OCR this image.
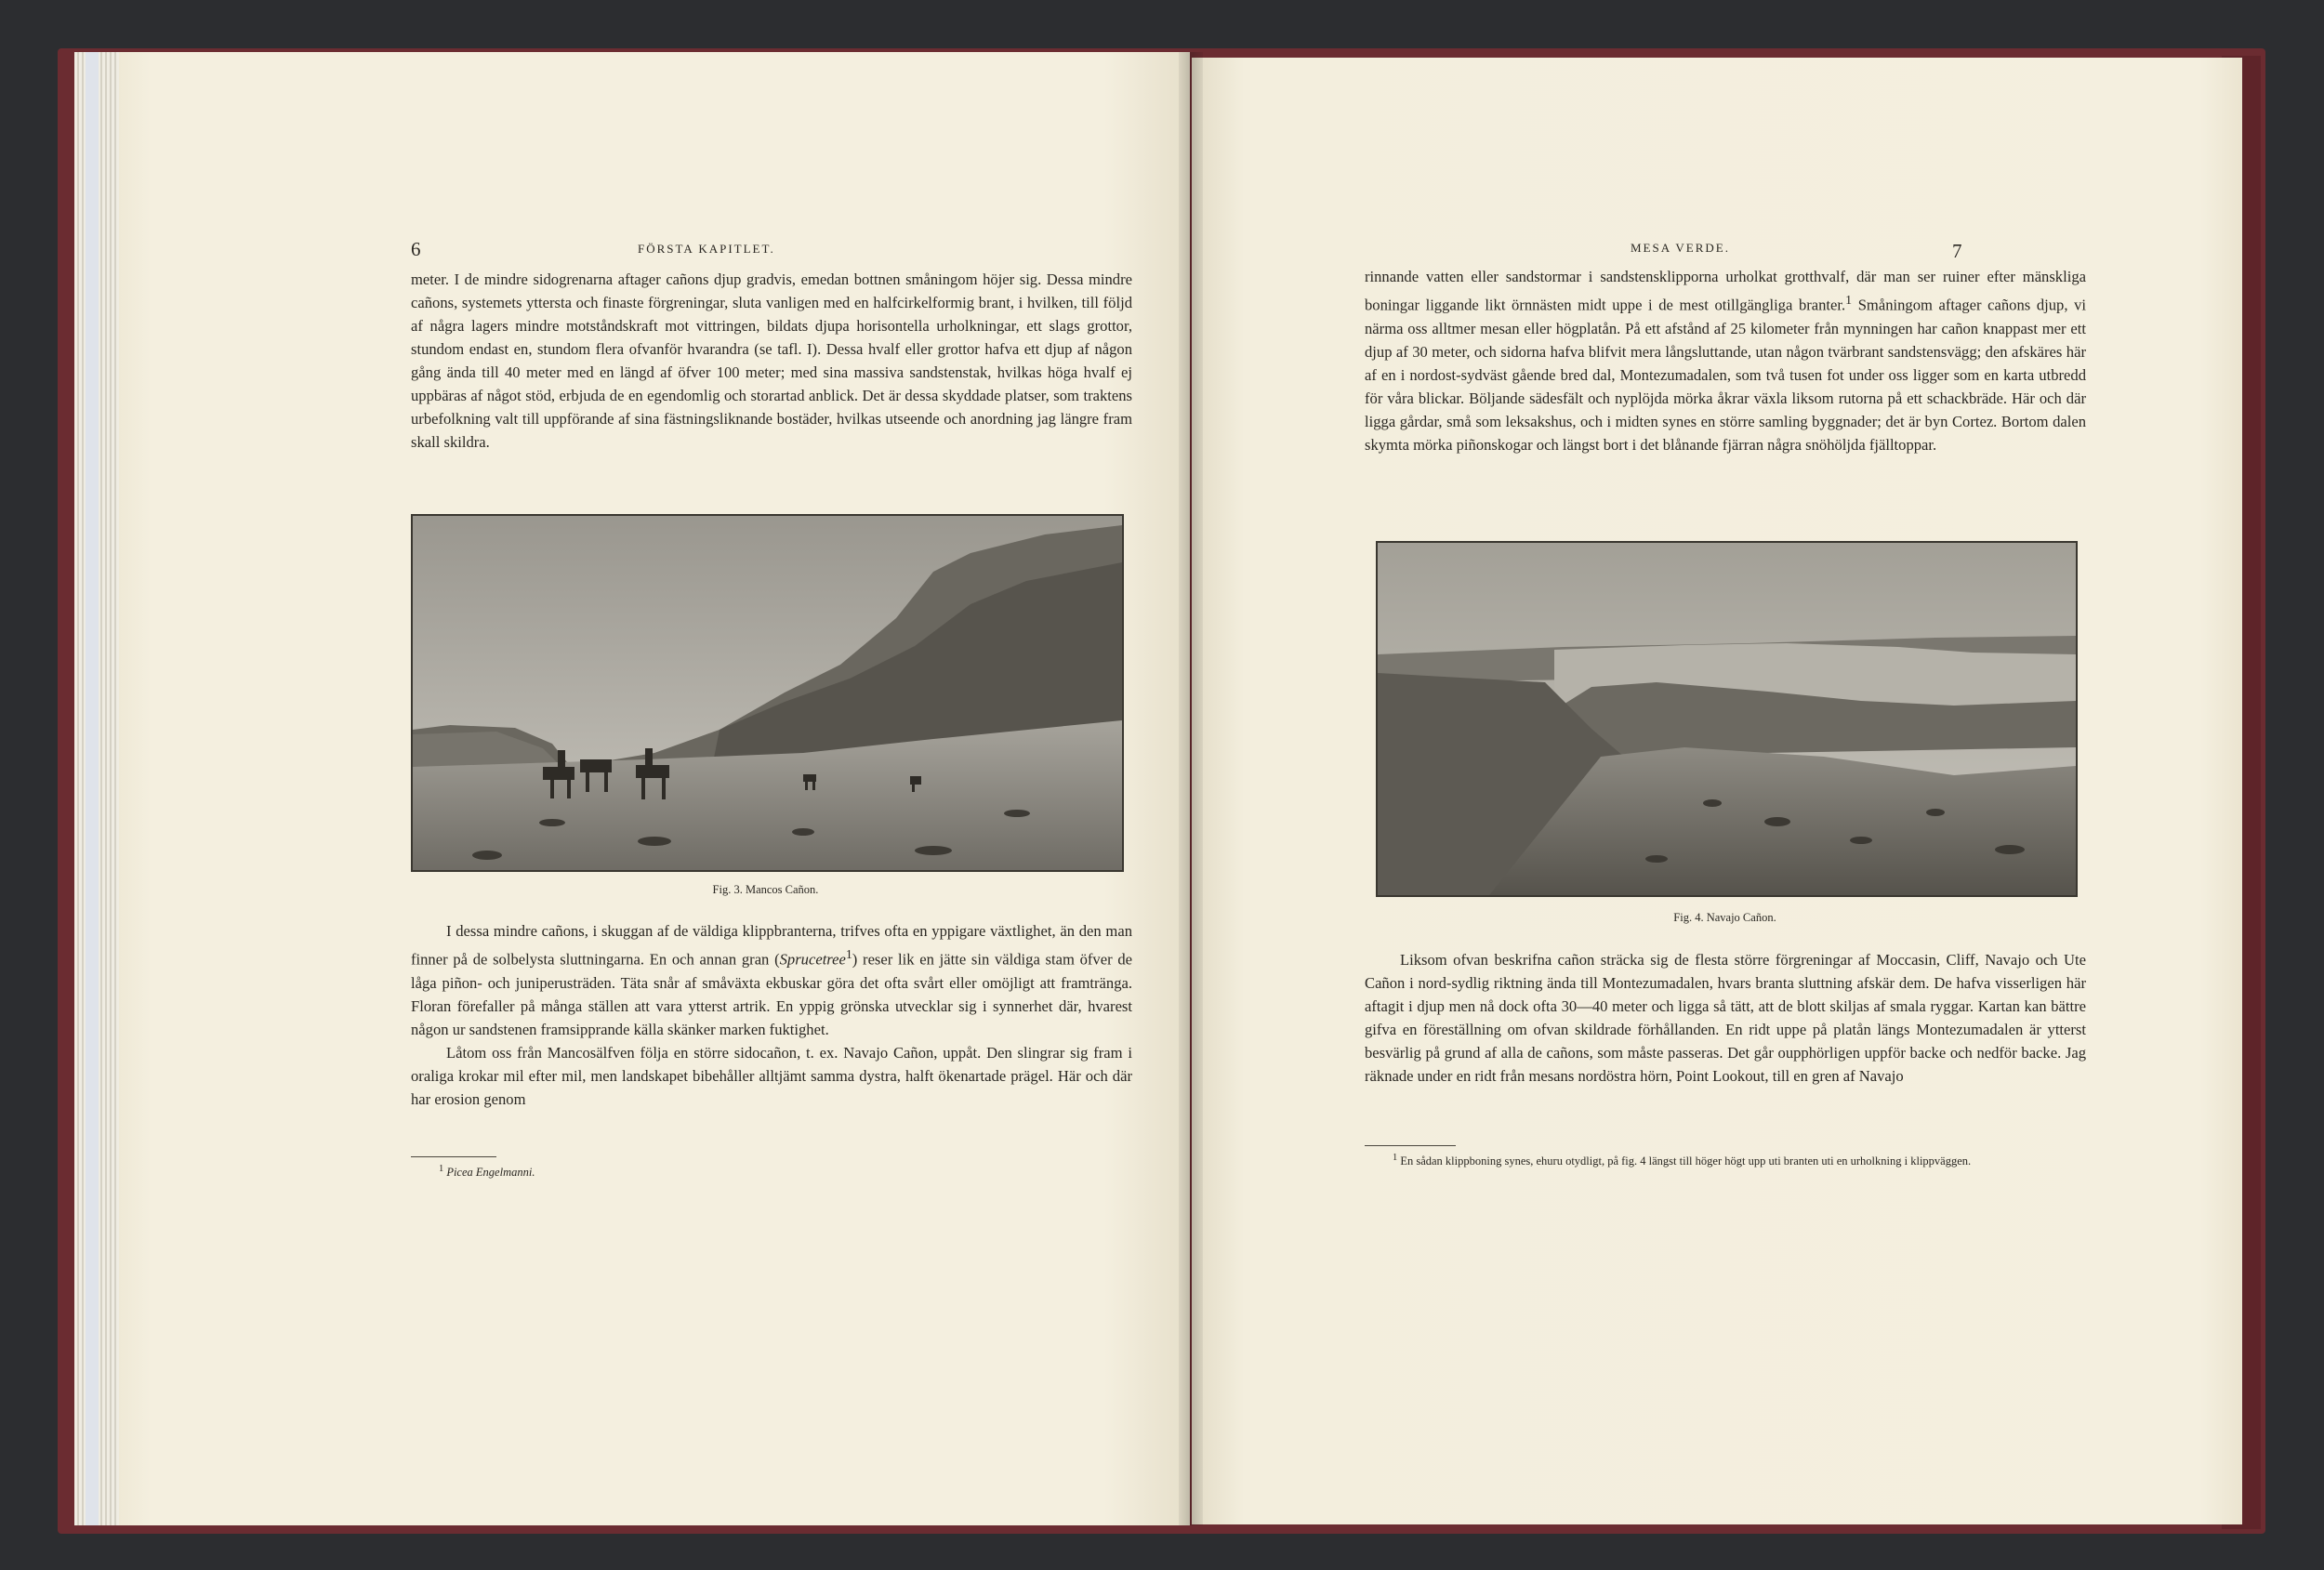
6	FÖRSTA KAPITLET.

meter. I de mindre sidogrenarna aftager cañons djup gradvis, emedan bottnen småningom höjer sig. Dessa mindre cañons, systemets yttersta och finaste förgreningar, sluta vanligen med en halfcirkelformig brant, i hvilken, till följd af några lagers mindre motståndskraft mot vittringen, bildats djupa horisontella urholkningar, ett slags grottor, stundom endast en, stundom flera ofvanför hvarandra (se tafl. I). Dessa hvalf eller grottor hafva ett djup af någon gång ända till 40 meter med en längd af öfver 100 meter; med sina massiva sandstenstak, hvilkas höga hvalf ej uppbäras af något stöd, erbjuda de en egendomlig och storartad anblick. Det är dessa skyddade platser, som traktens urbefolkning valt till uppförande af sina fästningsliknande bostäder, hvilkas utseende och anordning jag längre fram skall skildra.

Fig. 3. Mancos Cañon.

I dessa mindre cañons, i skuggan af de väldiga klippbranterna, trifves ofta en yppigare växtlighet, än den man finner på de solbelysta sluttningarna. En och annan gran (Sprucetree$^1$) reser lik en jätte sin väldiga stam öfver de låga piñon- och juniperusträden. Täta snår af småväxta ekbuskar göra det ofta svårt eller omöjligt att framtränga. Floran förefaller på många ställen att vara ytterst artrik. En yppig grönska utvecklar sig i synnerhet där, hvarest någon ur sandstenen framsipprande källa skänker marken fuktighet.

Låtom oss från Mancosälfven följa en större sidocañon, t. ex. Navajo Cañon, uppåt. Den slingrar sig fram i oraliga krokar mil efter mil, men landskapet bibehåller alltjämt samma dystra, halft ökenartade prägel. Här och där har erosion genom

$^1$ Picea Engelmanni.
MESA VERDE.	7

rinnande vatten eller sandstormar i sandstensklipporna urholkat grotthvalf, där man ser ruiner efter mänskliga boningar liggande likt örnnästen midt uppe i de mest otillgängliga branter.$^1$ Småningom aftager cañons djup, vi närma oss alltmer mesan eller högplatån. På ett afstånd af 25 kilometer från mynningen har cañon knappast mer ett djup af 30 meter, och sidorna hafva blifvit mera långsluttande, utan någon tvärbrant sandstensvägg; den afskäres här af en i nordost-sydväst gående bred dal, Montezumadalen, som två tusen fot under oss ligger som en karta utbredd för våra blickar. Böljande sädesfält och nyplöjda mörka åkrar växla liksom rutorna på ett schackbräde. Här och där ligga gårdar, små som leksakshus, och i midten synes en större samling byggnader; det är byn Cortez. Bortom dalen skymta mörka piñonskogar och längst bort i det blånande fjärran några snöhöljda fjälltoppar.

Fig. 4. Navajo Cañon.

Liksom ofvan beskrifna cañon sträcka sig de flesta större förgreningar af Moccasin, Cliff, Navajo och Ute Cañon i nord-sydlig riktning ända till Montezumadalen, hvars branta sluttning afskär dem. De hafva visserligen här aftagit i djup men nå dock ofta 30—40 meter och ligga så tätt, att de blott skiljas af smala ryggar. Kartan kan bättre gifva en föreställning om ofvan skildrade förhållanden. En ridt uppe på platån längs Montezumadalen är ytterst besvärlig på grund af alla de cañons, som måste passeras. Det går oupphörligen uppför backe och nedför backe. Jag räknade under en ridt från mesans nordöstra hörn, Point Lookout, till en gren af Navajo

$^1$ En sådan klippboning synes, ehuru otydligt, på fig. 4 längst till höger högt upp uti branten uti en urholkning i klippväggen.
